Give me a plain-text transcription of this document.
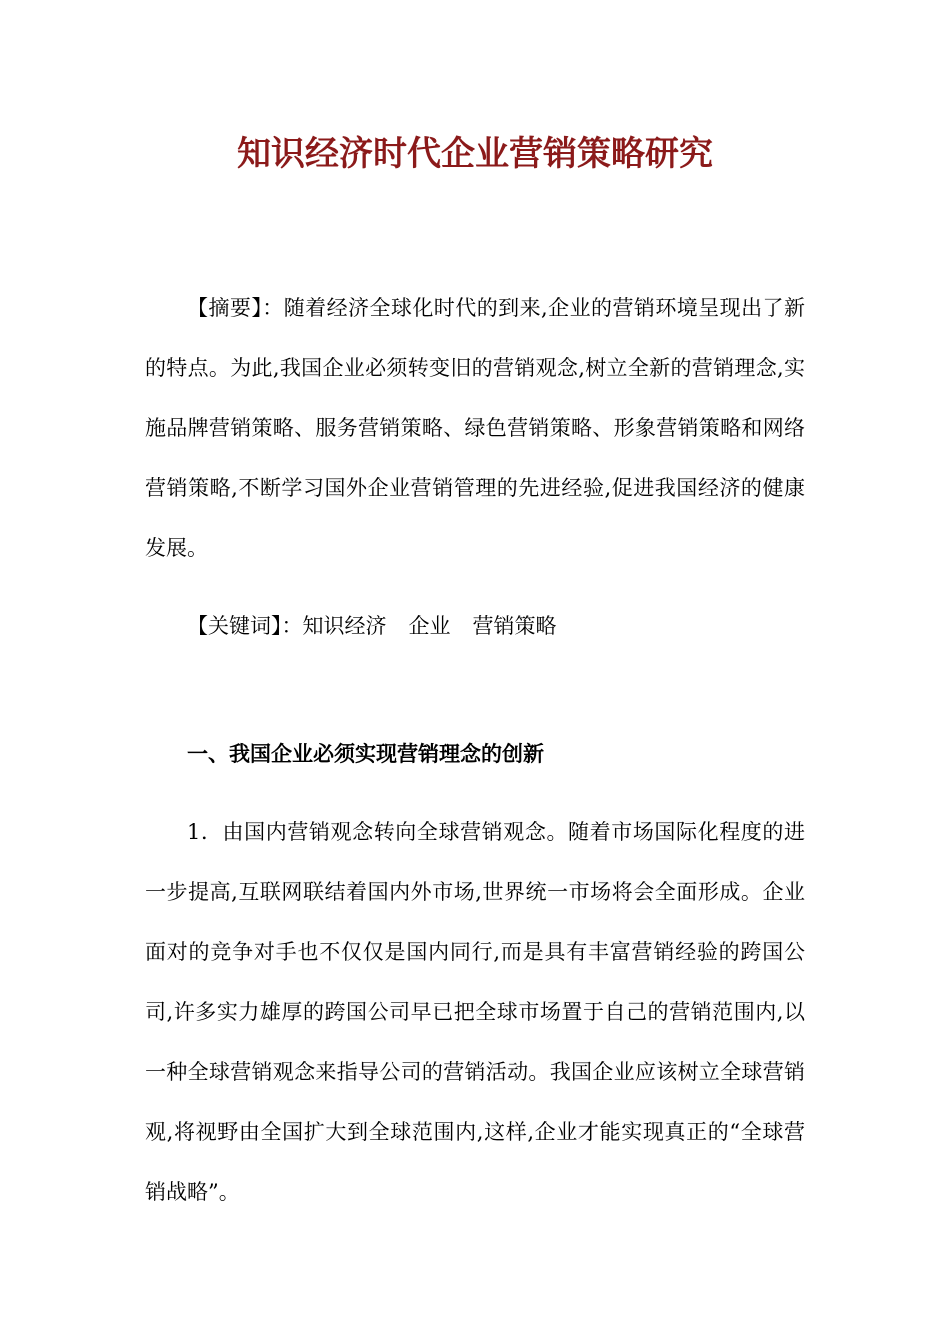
知识经济时代企业营销策略研究
【摘要】：随着经济全球化时代的到来,企业的营销环境呈现出了新的特点。为此,我国企业必须转变旧的营销观念,树立全新的营销理念,实施品牌营销策略、服务营销策略、绿色营销策略、形象营销策略和网络营销策略,不断学习国外企业营销管理的先进经验,促进我国经济的健康发展。
【关键词】：知识经济 企业 营销策略
一、我国企业必须实现营销理念的创新
1．由国内营销观念转向全球营销观念。随着市场国际化程度的进一步提高,互联网联结着国内外市场,世界统一市场将会全面形成。企业面对的竞争对手也不仅仅是国内同行,而是具有丰富营销经验的跨国公司,许多实力雄厚的跨国公司早已把全球市场置于自己的营销范围内,以一种全球营销观念来指导公司的营销活动。我国企业应该树立全球营销观,将视野由全国扩大到全球范围内,这样,企业才能实现真正的“全球营销战略”。
